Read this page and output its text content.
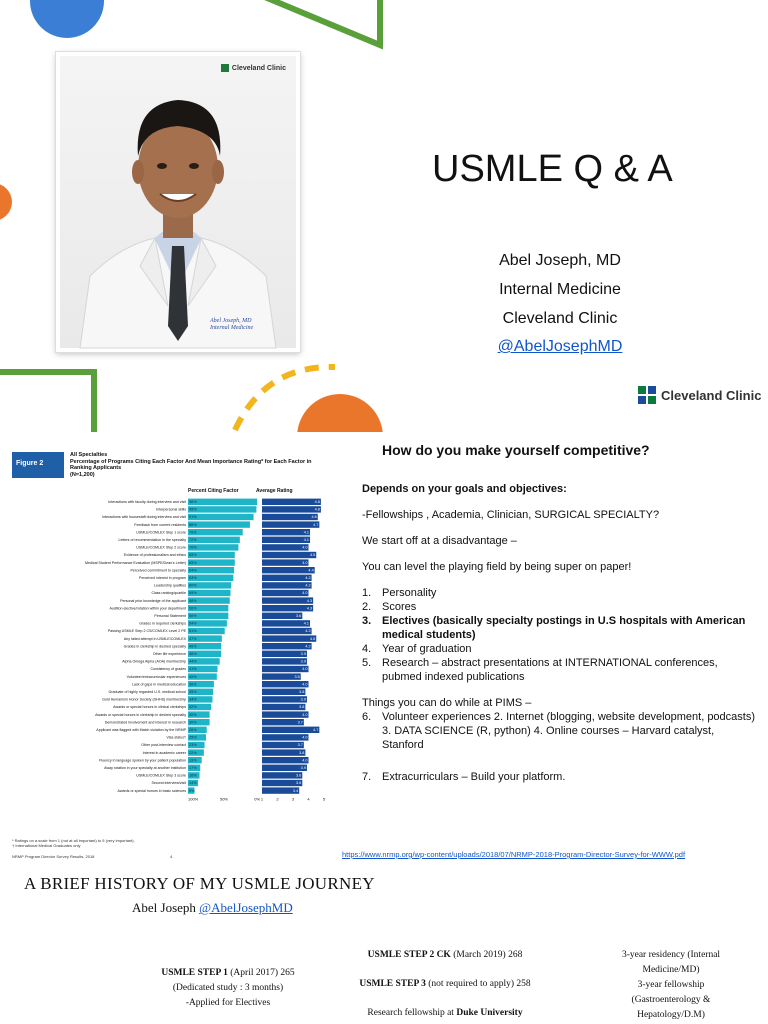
Cleveland Clinic
Abel Joseph, MD
Internal Medicine
USMLE Q & A
Abel Joseph, MD
Internal Medicine
Cleveland Clinic
@AbelJosephMD
Cleveland Clinic
Figure 2
All Specialties
Percentage of Programs Citing Each Factor And Mean Importance Rating* for Each Factor in Ranking Applicants
(N=1,200)
Percent Citing Factor	Average Rating
Interactions with faculty during interview and visit 96%	4.8
Interpersonal skills 95%	4.8
Interactions with housestaff during interview and visit 91%	4.6
Feedback from current residents 86%	4.7
USMLE/COMLEX Step 1 score 76%	4.1
Letters of recommendation in the specialty 72%	4.1
USMLE/COMLEX Step 2 score 70%	4.0
Evidence of professionalism and ethics 65%	4.5
Medical Student Performance Evaluation (MSPE/Dean's Letter) 65%	4.0
Perceived commitment to specialty 64%	4.4
Perceived interest in program 63%	4.2
Leadership qualities 60%	4.2
Class ranking/quartile 59%	4.0
Personal prior knowledge of the applicant 58%	4.3
Audition elective/rotation within your department 56%	4.3
Personal Statement 56%	3.6
Grades in required clerkships 54%	4.1
Passing USMLE Step 2 CS/COMLEX Level 2 PE 51%	4.2
Any failed attempt in USMLE/COMLEX 47%	4.5
Grades in clerkship in desired specialty 46%	4.2
Other life experience 46%	3.9
Alpha Omega Alpha (AOA) membership 44%	3.9
Consistency of grades 41%	4.0
Volunteer/extracurricular experiences 40%	3.5
Lack of gaps in medical education 36%	4.0
Graduate of highly regarded U.S. medical school 35%	3.8
Gold Humanism Honor Society (GHHS) membership 34%	3.9
Awards or special honors in clinical clerkships 32%	3.8
Awards or special honors in clerkship in desired specialty 30%	4.0
Demonstrated involvement and interest in research 30%	3.7
Applicant was flagged with Match violation by the NRMP 26%	4.7
Visa status† 25%	4.0
Other post-interview contact 23%	3.7
Interest in academic career 22%	3.8
Fluency in language spoken by your patient population 19%	4.0
Away rotation in your specialty at another institution 17%	3.9
USMLE/COMLEX Step 3 score 16%	3.6
Second interview/visit 14%	3.6
Awards or special honors in basic sciences 9%	3.4
100%	50%	0% 1	2	3	4	5
* Ratings on a scale from 1 (not at all important) to 5 (very important).
† International Medical Graduates only
NRMP Program Director Survey Results, 2018	4
How do you make yourself competitive?

Depends on your goals and objectives:

-Fellowships , Academia, Clinician, SURGICAL SPECIALTY?

We start off at a disadvantage –

You can level the playing field by being super on paper!

1. Personality
2. Scores
3. Electives (basically specialty postings in U.S hospitals with American medical students)
4. Year of graduation
5. Research – abstract presentations at INTERNATIONAL conferences, pubmed indexed publications

Things you can do while at PIMS –

6. Volunteer experiences 2. Internet (blogging, website development, podcasts) 3. DATA SCIENCE (R, python) 4. Online courses – Harvard catalyst, Stanford
7. Extracurriculars – Build your platform.
https://www.nrmp.org/wp-content/uploads/2018/07/NRMP-2018-Program-Director-Survey-for-WWW.pdf
A BRIEF HISTORY OF MY USMLE JOURNEY
Abel Joseph @AbelJosephMD
USMLE STEP 1 (April 2017) 265
(Dedicated study : 3 months)
-Applied for Electives
USMLE STEP 2 CK (March 2019) 268
USMLE STEP 3 (not required to apply) 258
Research fellowship at Duke University
3-year residency (Internal
Medicine/MD)
3-year fellowship
(Gastroenterology &
Hepatology/D.M)
